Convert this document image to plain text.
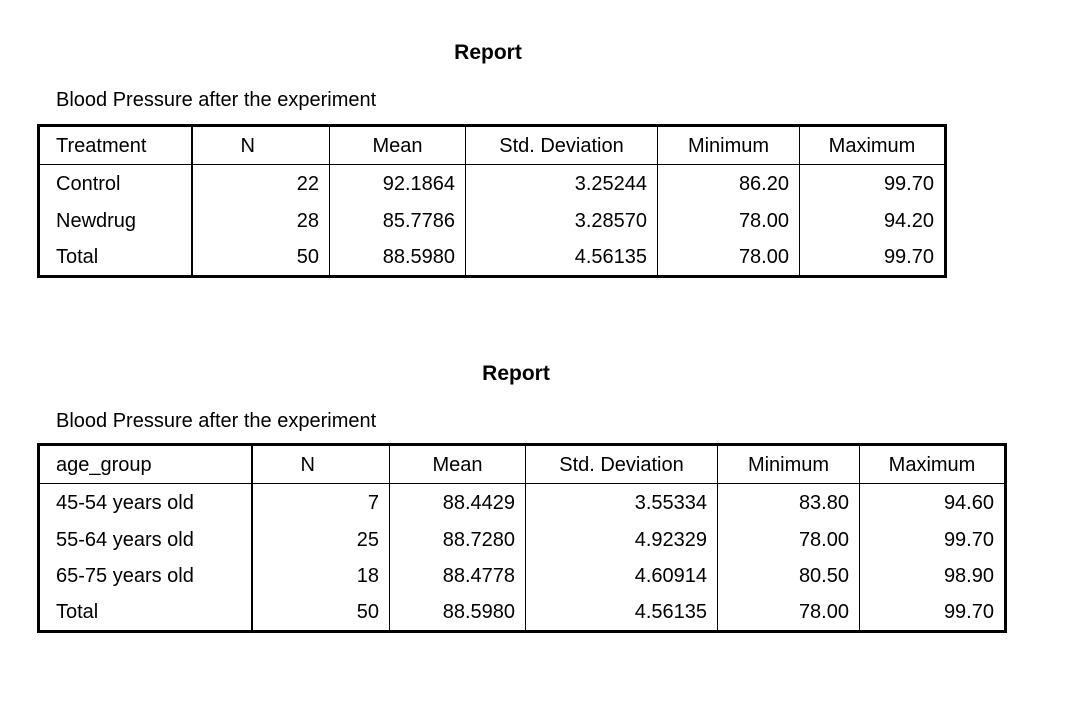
Report
Blood Pressure after the experiment
Treatment	N	Mean	Std. Deviation	Minimum	Maximum
Control	22	92.1864	3.25244	86.20	99.70
Newdrug	28	85.7786	3.28570	78.00	94.20
Total	50	88.5980	4.56135	78.00	99.70
Report
Blood Pressure after the experiment
age_group	N	Mean	Std. Deviation	Minimum	Maximum
45-54 years old	7	88.4429	3.55334	83.80	94.60
55-64 years old	25	88.7280	4.92329	78.00	99.70
65-75 years old	18	88.4778	4.60914	80.50	98.90
Total	50	88.5980	4.56135	78.00	99.70
